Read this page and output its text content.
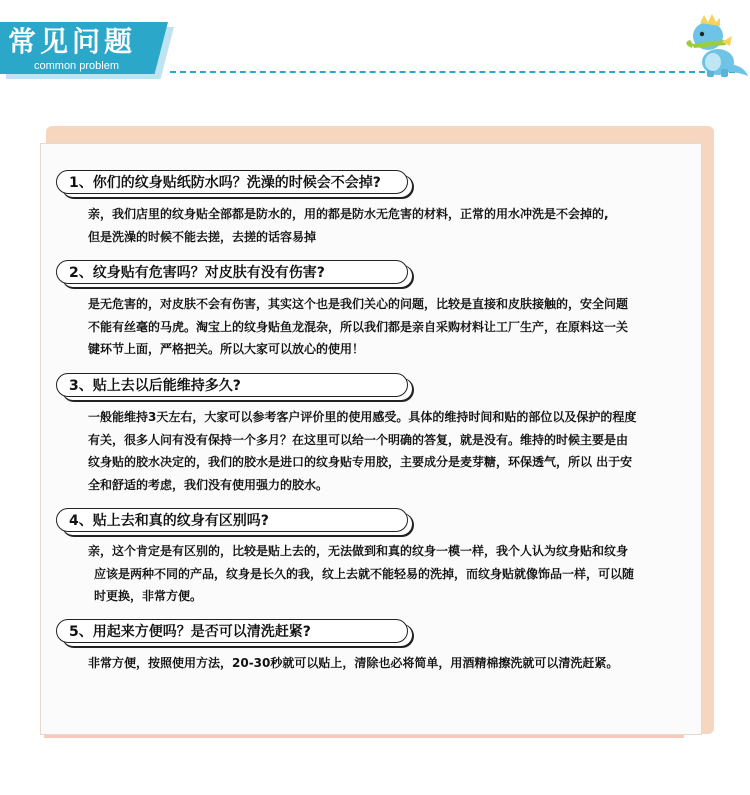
常见问题
common problem
1、你们的纹身贴纸防水吗？洗澡的时候会不会掉?
亲，我们店里的纹身贴全部都是防水的，用的都是防水无危害的材料，正常的用水冲洗是不会掉的,
但是洗澡的时候不能去搓，去搓的话容易掉
2、纹身贴有危害吗？对皮肤有没有伤害?
是无危害的，对皮肤不会有伤害，其实这个也是我们关心的问题，比较是直接和皮肤接触的，安全问题
不能有丝毫的马虎。淘宝上的纹身贴鱼龙混杂，所以我们都是亲自采购材料让工厂生产，在原料这一关
键环节上面，严格把关。所以大家可以放心的使用！
3、贴上去以后能维持多久?
一般能维持3天左右，大家可以参考客户评价里的使用感受。具体的维持时间和贴的部位以及保护的程度
有关，很多人问有没有保持一个多月？在这里可以给一个明确的答复，就是没有。维持的时候主要是由
纹身贴的胶水决定的，我们的胶水是进口的纹身贴专用胶，主要成分是麦芽糖，环保透气，所以 出于安
全和舒适的考虑，我们没有使用强力的胶水。
4、贴上去和真的纹身有区别吗?
亲，这个肯定是有区别的，比较是贴上去的，无法做到和真的纹身一模一样，我个人认为纹身贴和纹身
应该是两种不同的产品，纹身是长久的我，纹上去就不能轻易的洗掉，而纹身贴就像饰品一样，可以随
时更换，非常方便。
5、用起来方便吗？是否可以清洗赶紧?
非常方便，按照使用方法，20-30秒就可以贴上，清除也必将简单，用酒精棉擦洗就可以清洗赶紧。
